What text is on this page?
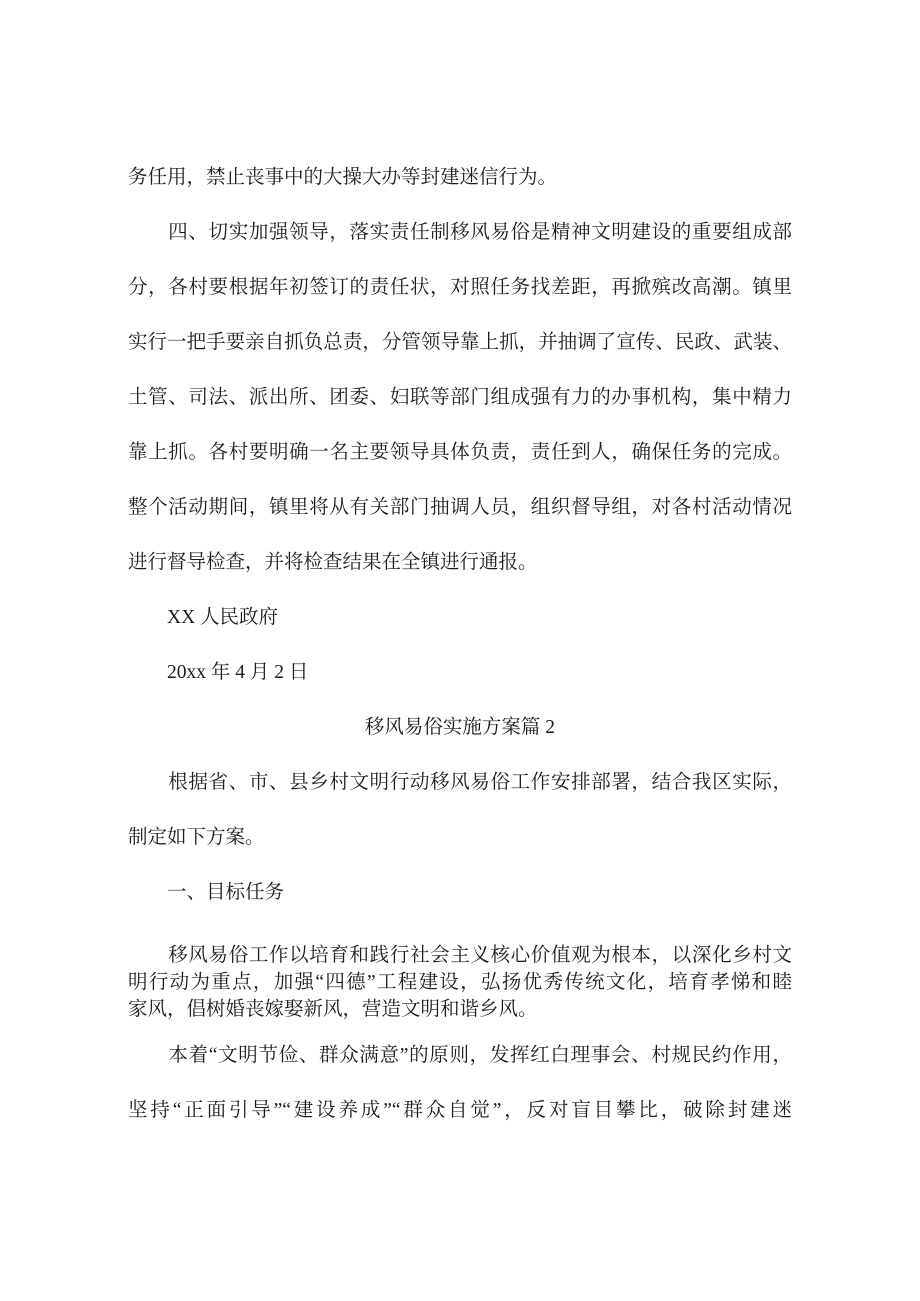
务任用，禁止丧事中的大操大办等封建迷信行为。
　　四、切实加强领导，落实责任制移风易俗是精神文明建设的重要组成部
分，各村要根据年初签订的责任状，对照任务找差距，再掀殡改高潮。镇里
实行一把手要亲自抓负总责，分管领导靠上抓，并抽调了宣传、民政、武装、
土管、司法、派出所、团委、妇联等部门组成强有力的办事机构，集中精力
靠上抓。各村要明确一名主要领导具体负责，责任到人，确保任务的完成。
整个活动期间，镇里将从有关部门抽调人员，组织督导组，对各村活动情况
进行督导检查，并将检查结果在全镇进行通报。
　　XX 人民政府
　　20xx 年 4 月 2 日
移风易俗实施方案篇 2
　　根据省、市、县乡村文明行动移风易俗工作安排部署，结合我区实际，
制定如下方案。
　　一、目标任务
　　移风易俗工作以培育和践行社会主义核心价值观为根本，以深化乡村文
明行动为重点，加强“四德”工程建设，弘扬优秀传统文化，培育孝悌和睦
家风，倡树婚丧嫁娶新风，营造文明和谐乡风。
　　本着“文明节俭、群众满意”的原则，发挥红白理事会、村规民约作用，
坚持“正面引导”“建设养成”“群众自觉”，反对盲目攀比，破除封建迷
